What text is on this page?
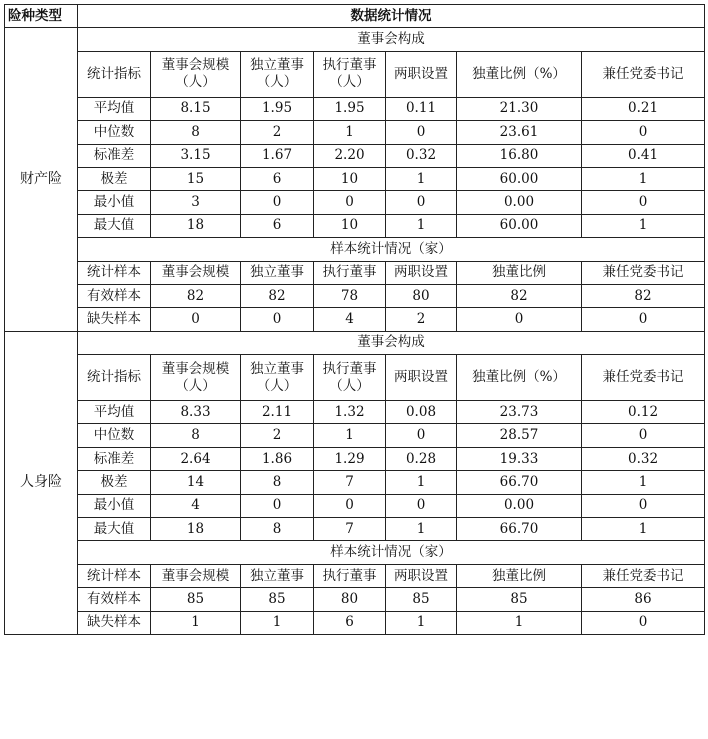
险种类型	数据统计情况						
财产险	董事会构成						
	统计指标	董事会规模（人）	独立董事（人）	执行董事（人）	两职设置	独董比例（%）	兼任党委书记
	平均值	8.15	1.95	1.95	0.11	21.30	0.21
	中位数	8	2	1	0	23.61	0
	标准差	3.15	1.67	2.20	0.32	16.80	0.41
	极差	15	6	10	1	60.00	1
	最小值	3	0	0	0	0.00	0
	最大值	18	6	10	1	60.00	1
	样本统计情况（家）						
	统计样本	董事会规模	独立董事	执行董事	两职设置	独董比例	兼任党委书记
	有效样本	82	82	78	80	82	82
	缺失样本	0	0	4	2	0	0
人身险	董事会构成						
	统计指标	董事会规模（人）	独立董事（人）	执行董事（人）	两职设置	独董比例（%）	兼任党委书记
	平均值	8.33	2.11	1.32	0.08	23.73	0.12
	中位数	8	2	1	0	28.57	0
	标准差	2.64	1.86	1.29	0.28	19.33	0.32
	极差	14	8	7	1	66.70	1
	最小值	4	0	0	0	0.00	0
	最大值	18	8	7	1	66.70	1
	样本统计情况（家）						
	统计样本	董事会规模	独立董事	执行董事	两职设置	独董比例	兼任党委书记
	有效样本	85	85	80	85	85	86
	缺失样本	1	1	6	1	1	0
